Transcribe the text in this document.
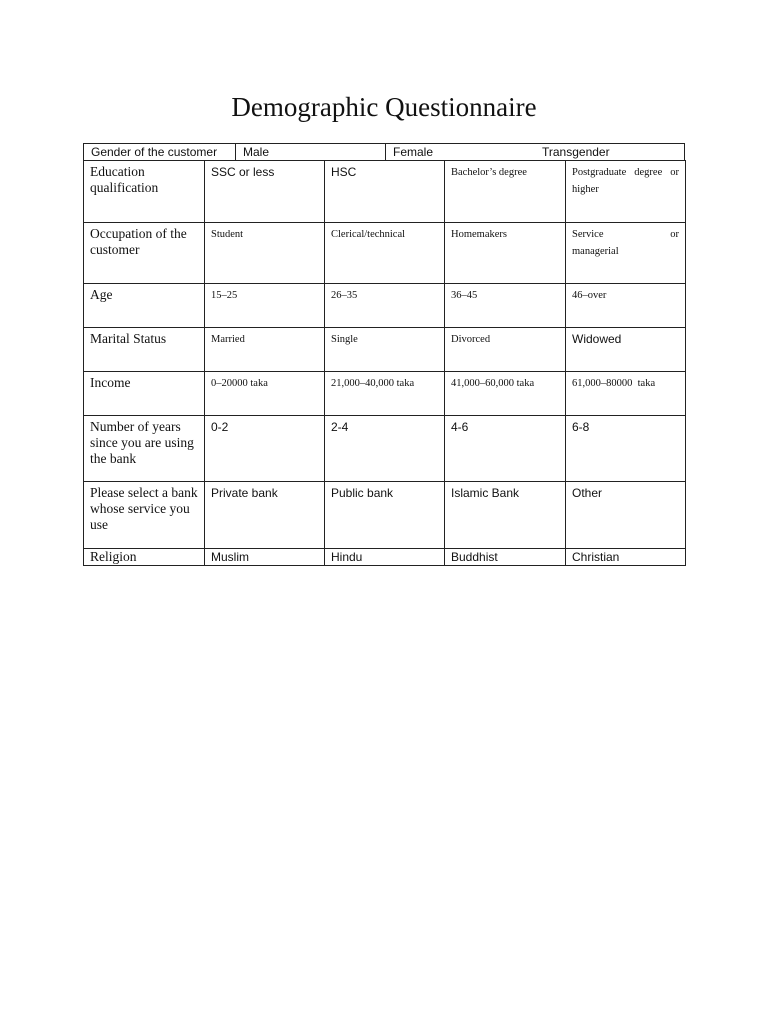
Demographic Questionnaire
Gender of the customer	Male	Female	Transgender
Education qualification	SSC or less	HSC	Bachelor’s degree	Postgraduate degree or higher
Occupation of the customer	Student	Clerical/technical	Homemakers	Service or managerial
Age	15–25	26–35	36–45	46–over
Marital Status	Married	Single	Divorced	Widowed
Income	0–20000 taka	21,000–40,000 taka	41,000–60,000 taka	61,000–80000  taka
Number of years since you are using the bank	0-2	2-4	4-6	6-8
Please select a bank whose service you use	Private bank	Public bank	Islamic Bank	Other
Religion	Muslim	Hindu	Buddhist	Christian
